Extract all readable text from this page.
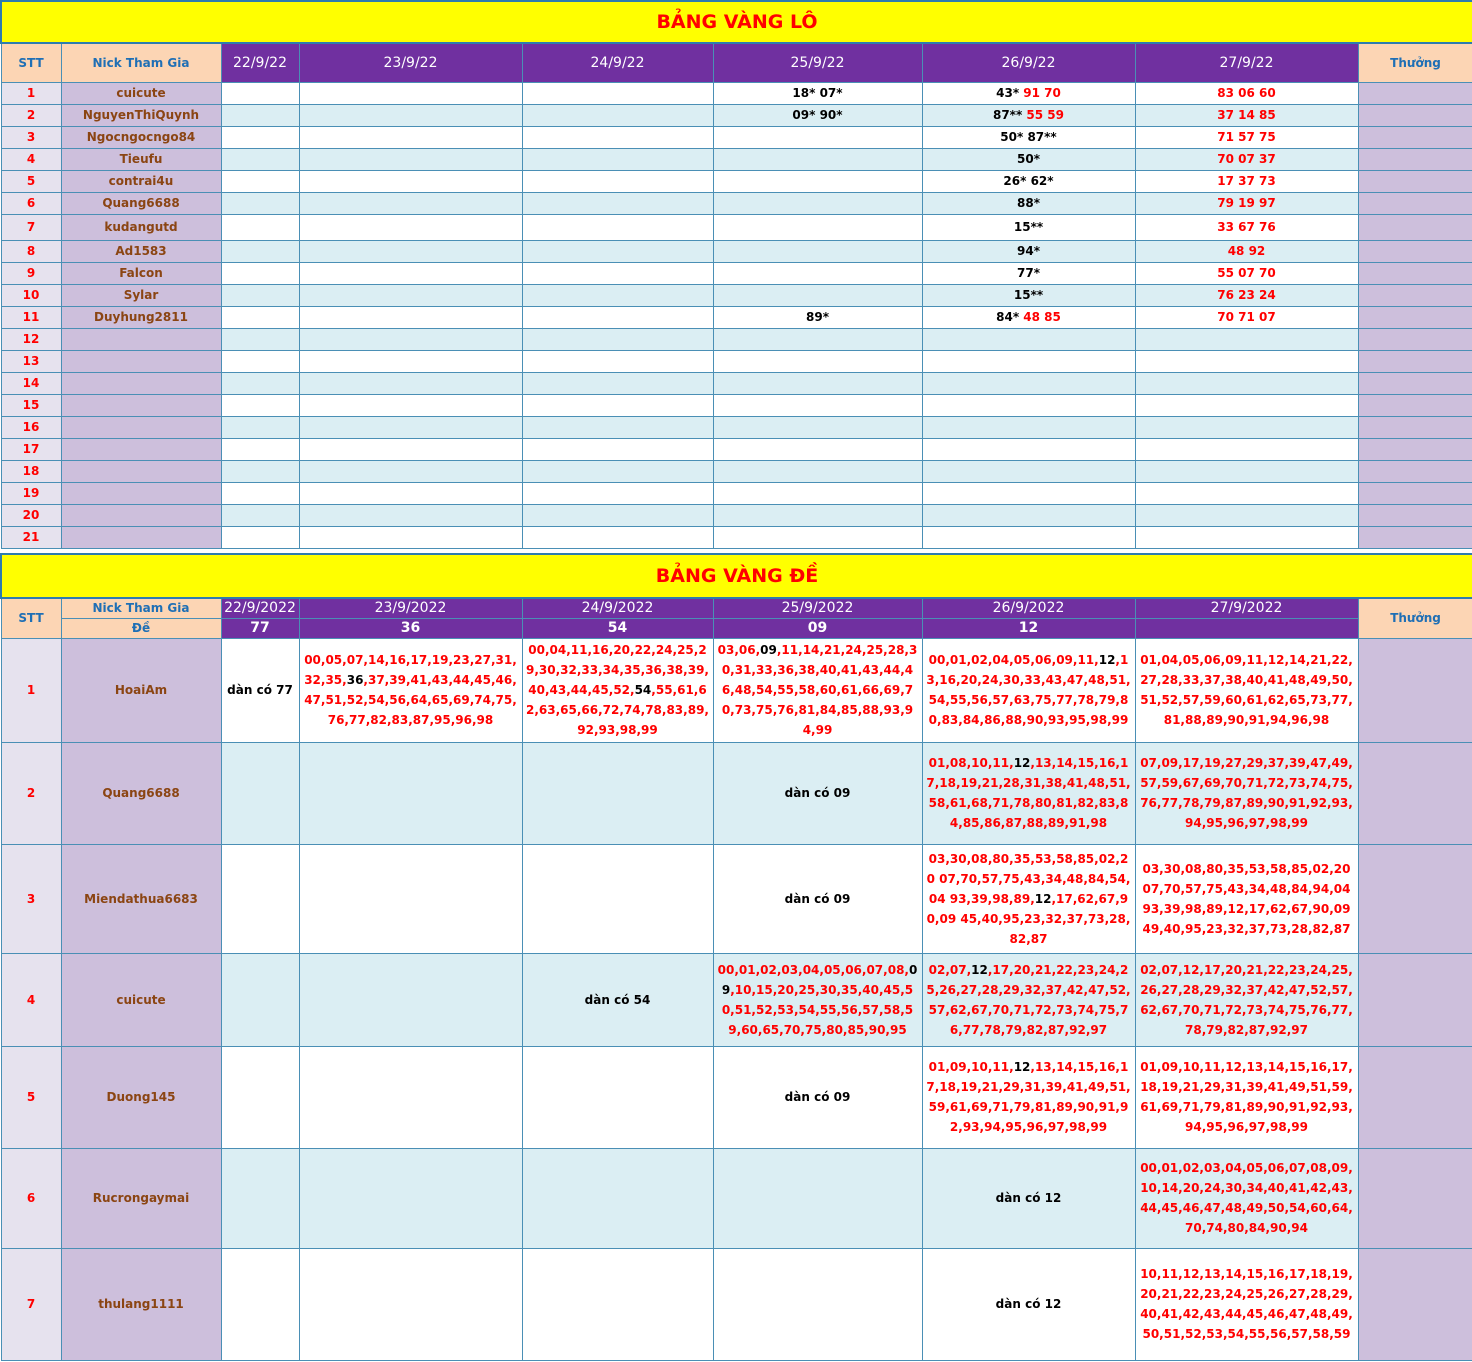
BẢNG VÀNG LÔ								
STT	Nick Tham Gia	22/9/22	23/9/22	24/9/22	25/9/22	26/9/22	27/9/22	Thưởng
1	cuicute				18* 07*	43* 91 70	83 06 60	
2	NguyenThiQuynh				09* 90*	87** 55 59	37 14 85	
3	Ngocngocngo84					50* 87**	71 57 75	
4	Tieufu					50*	70 07 37	
5	contrai4u					26* 62*	17 37 73	
6	Quang6688					88*	79 19 97	
7	kudangutd					15**	33 67 76	
8	Ad1583					94*	48 92	
9	Falcon					77*	55 07 70	
10	Sylar					15**	76 23 24	
11	Duyhung2811				89*	84* 48 85	70 71 07	
12								
13								
14								
15								
16								
17								
18								
19								
20								
21								
BẢNG VÀNG ĐỀ								
STT	Nick Tham Gia	22/9/2022	23/9/2022	24/9/2022	25/9/2022	26/9/2022	27/9/2022	Thưởng
	Đề	77	36	54	09	12		
1	HoaiAm	dàn có 77	00,05,07,14,16,17,19,23,27,31,32,35,36,37,39,41,43,44,45,46,47,51,52,54,56,64,65,69,74,75,76,77,82,83,87,95,96,98	00,04,11,16,20,22,24,25,29,30,32,33,34,35,36,38,39,40,43,44,45,52,54,55,61,62,63,65,66,72,74,78,83,89,92,93,98,99	03,06,09,11,14,21,24,25,28,30,31,33,36,38,40,41,43,44,46,48,54,55,58,60,61,66,69,70,73,75,76,81,84,85,88,93,94,99	00,01,02,04,05,06,09,11,12,13,16,20,24,30,33,43,47,48,51,54,55,56,57,63,75,77,78,79,80,83,84,86,88,90,93,95,98,99	01,04,05,06,09,11,12,14,21,22,27,28,33,37,38,40,41,48,49,50,51,52,57,59,60,61,62,65,73,77,81,88,89,90,91,94,96,98	

2	Quang6688				dàn có 09	01,08,10,11,12,13,14,15,16,17,18,19,21,28,31,38,41,48,51,58,61,68,71,78,80,81,82,83,84,85,86,87,88,89,91,98	07,09,17,19,27,29,37,39,47,49,57,59,67,69,70,71,72,73,74,75,76,77,78,79,87,89,90,91,92,93,94,95,96,97,98,99	

3	Miendathua6683				dàn có 09	03,30,08,80,35,53,58,85,02,20 07,70,57,75,43,34,48,84,54,04 93,39,98,89,12,17,62,67,90,09 45,40,95,23,32,37,73,28,82,87	03,30,08,80,35,53,58,85,02,20 07,70,57,75,43,34,48,84,94,04 93,39,98,89,12,17,62,67,90,09 49,40,95,23,32,37,73,28,82,87	

4	cuicute			dàn có 54	00,01,02,03,04,05,06,07,08,09,10,15,20,25,30,35,40,45,50,51,52,53,54,55,56,57,58,59,60,65,70,75,80,85,90,95	02,07,12,17,20,21,22,23,24,25,26,27,28,29,32,37,42,47,52,57,62,67,70,71,72,73,74,75,76,77,78,79,82,87,92,97	02,07,12,17,20,21,22,23,24,25,26,27,28,29,32,37,42,47,52,57,62,67,70,71,72,73,74,75,76,77,78,79,82,87,92,97	

5	Duong145				dàn có 09	01,09,10,11,12,13,14,15,16,17,18,19,21,29,31,39,41,49,51,59,61,69,71,79,81,89,90,91,92,93,94,95,96,97,98,99	01,09,10,11,12,13,14,15,16,17,18,19,21,29,31,39,41,49,51,59,61,69,71,79,81,89,90,91,92,93,94,95,96,97,98,99	

6	Rucrongaymai					dàn có 12	00,01,02,03,04,05,06,07,08,09,10,14,20,24,30,34,40,41,42,43,44,45,46,47,48,49,50,54,60,64,70,74,80,84,90,94	

7	thulang1111					dàn có 12	10,11,12,13,14,15,16,17,18,19,20,21,22,23,24,25,26,27,28,29,40,41,42,43,44,45,46,47,48,49,50,51,52,53,54,55,56,57,58,59	
